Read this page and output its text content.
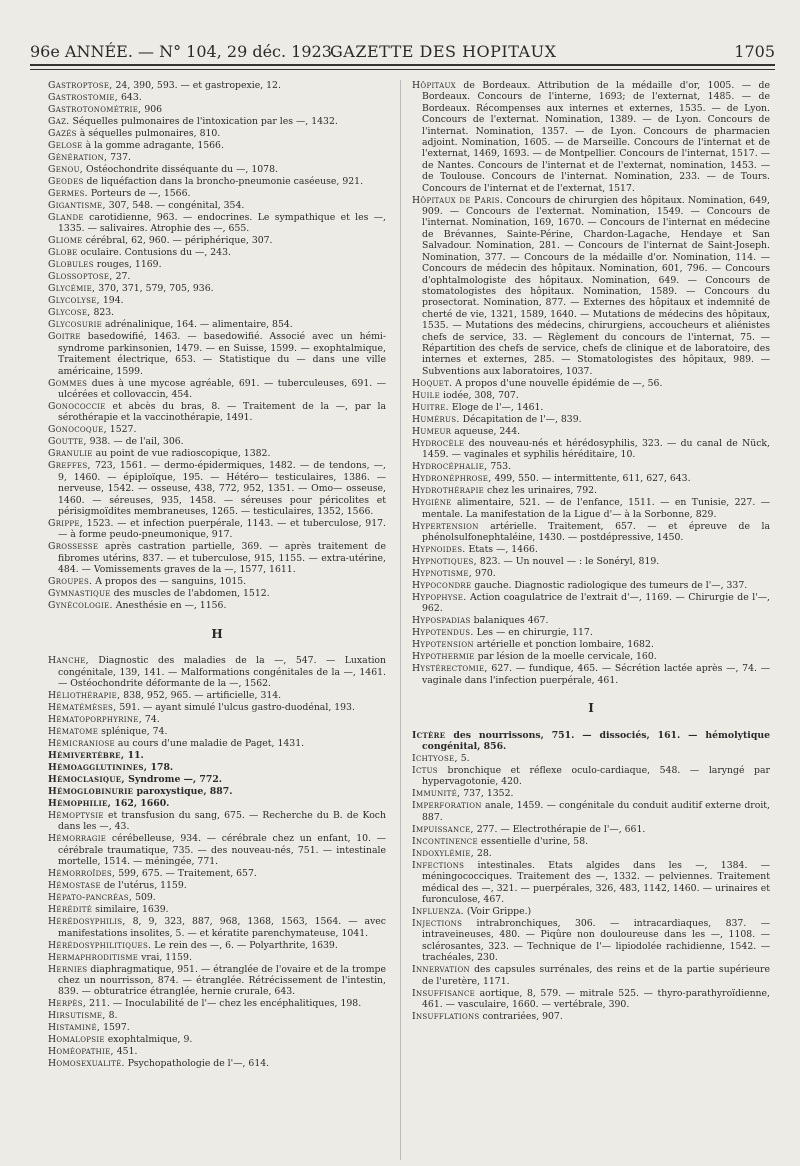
96e ANNÉE. — N° 104, 29 déc. 1923.
GAZETTE DES HOPITAUX	1705

Gastroptose, 24, 390, 593. — et gastropexie, 12.

Gastrostomie, 643.

Gastrotonométrie, 906

Gaz. Séquelles pulmonaires de l'intoxication par les —, 1432.

Gazés à séquelles pulmonaires, 810.

Gelose à la gomme adragante, 1566.

Génération, 737.

Genou, Ostéochondrite disséquante du —, 1078.

Geodes de liquéfaction dans la broncho-pneumonie caséeuse, 921.

Germes. Porteurs de —, 1566.

Gigantisme, 307, 548. — congénital, 354.

Glande carotidienne, 963. — endocrines. Le sympathique et les —, 1335. — salivaires. Atrophie des —, 655.

Gliome cérébral, 62, 960. — périphérique, 307.

Globe oculaire. Contusions du —, 243.

Globules rouges, 1169.

Glossoptose, 27.

Glycémie, 370, 371, 579, 705, 936.

Glycolyse, 194.

Glycose, 823.

Glycosurie adrénalinique, 164. — alimentaire, 854.

Goitre basedowifié, 1463. — basedowifié. Associé avec un hémi-syndrome parkinsonien, 1479. — en Suisse, 1599. — exophtalmique, Traitement électrique, 653. — Statistique du — dans une ville américaine, 1599.

Gommes dues à une mycose agréable, 691. — tuberculeuses, 691. — ulcérées et collovaccin, 454.

Gonococcie et abcès du bras, 8. — Traitement de la —, par la sérothérapie et la vaccinothérapie, 1491.

Gonocoque, 1527.

Goutte, 938. — de l'ail, 306.

Granulie au point de vue radioscopique, 1382.

Greffes, 723, 1561. — dermo-épidermiques, 1482. — de tendons, —, 9, 1460. — épiploïque, 195. — Hétéro— testiculaires, 1386. — nerveuse, 1542. — osseuse, 438, 772, 952, 1351. — Omo— osseuse, 1460. — séreuses, 935, 1458. — séreuses pour péricolites et périsigmoïdites membraneuses, 1265. — testiculaires, 1352, 1566.

Grippe, 1523. — et infection puerpérale, 1143. — et tuberculose, 917. — à forme peudo-pneumonique, 917.

Grossesse après castration partielle, 369. — après traitement de fibromes utérins, 837. — et tuberculose, 915, 1155. — extra-utérine, 484. — Vomissements graves de la —, 1577, 1611.

Groupes. A propos des — sanguins, 1015.

Gymnastique des muscles de l'abdomen, 1512.

Gynécologie. Anesthésie en —, 1156.

H

Hanche, Diagnostic des maladies de la —, 547. — Luxation congénitale, 139, 141. — Malformations congénitales de la —, 1461. — Ostéochondrite déformante de la —, 1562.

Héliothérapie, 838, 952, 965. — artificielle, 314.

Hématémèses, 591. — ayant simulé l'ulcus gastro-duodénal, 193.

Hématoporphyrine, 74.

Hématome splénique, 74.

Hémicraniose au cours d'une maladie de Paget, 1431.

Hémivertèbre, 11.

Hémoagglutinines, 178.

Hémoclasique, Syndrome —, 772.

Hémoglobinurie paroxystique, 887.

Hémophilie, 162, 1660.

Hémoptysie et transfusion du sang, 675. — Recherche du B. de Koch dans les —, 43.

Hémorragie cérébelleuse, 934. — cérébrale chez un enfant, 10. — cérébrale traumatique, 735. — des nouveau-nés, 751. — intestinale mortelle, 1514. — méningée, 771.

Hémorroïdes, 599, 675. — Traitement, 657.

Hémostase de l'utérus, 1159.

Hépato-pancréas, 509.

Hérédité similaire, 1639.

Hérédosyphilis, 8, 9, 323, 887, 968, 1368, 1563, 1564. — avec manifestations insolites, 5. — et kératite parenchymateuse, 1041.

Hérédosyphilitiques. Le rein des —, 6. — Polyarthrite, 1639.

Hermaphroditisme vrai, 1159.

Hernies diaphragmatique, 951. — étranglée de l'ovaire et de la trompe chez un nourrisson, 874. — étranglée. Rétrécissement de l'intestin, 839. — obturatrice étranglée, hernie crurale, 643.

Herpès, 211. — Inoculabilité de l'— chez les encéphalitiques, 198.

Hirsutisme, 8.

Histaminé, 1597.

Homalopsie exophtalmique, 9.

Homéopathie, 451.

Homosexualité. Psychopathologie de l'—, 614.

Hôpitaux de Bordeaux. Attribution de la médaille d'or, 1005. — de Bordeaux. Concours de l'interne, 1693; de l'externat, 1485. — de Bordeaux. Récompenses aux internes et externes, 1535. — de Lyon. Concours de l'externat. Nomination, 1389. — de Lyon. Concours de l'internat. Nomination, 1357. — de Lyon. Concours de pharmacien adjoint. Nomination, 1605. — de Marseille. Concours de l'internat et de l'externat, 1469, 1693. — de Montpellier. Concours de l'internat, 1517. — de Nantes. Concours de l'internat et de l'externat, nomination, 1453. — de Toulouse. Concours de l'internat. Nomination, 233. — de Tours. Concours de l'internat et de l'externat, 1517.

Hôpitaux de Paris. Concours de chirurgien des hôpitaux. Nomination, 649, 909. — Concours de l'externat. Nomination, 1549. — Concours de l'internat. Nomination, 169, 1670. — Concours de l'internat en médecine de Brévannes, Sainte-Périne, Chardon-Lagache, Hendaye et San Salvadour. Nomination, 281. — Concours de l'internat de Saint-Joseph. Nomination, 377. — Concours de la médaille d'or. Nomination, 114. — Concours de médecin des hôpitaux. Nomination, 601, 796. — Concours d'ophtalmologiste des hôpitaux. Nomination, 649. — Concours de stomatologistes des hôpitaux. Nomination, 1589. — Concours du prosectorat. Nomination, 877. — Externes des hôpitaux et indemnité de cherté de vie, 1321, 1589, 1640. — Mutations de médecins des hôpitaux, 1535. — Mutations des médecins, chirurgiens, accoucheurs et aliénistes chefs de service, 33. — Règlement du concours de l'internat, 75. — Répartition des chefs de service, chefs de clinique et de laboratoire, des internes et externes, 285. — Stomatologistes des hôpitaux, 989. — Subventions aux laboratoires, 1037.

Hoquet. A propos d'une nouvelle épidémie de —, 56.

Huile iodée, 308, 707.

Huitre. Eloge de l'—, 1461.

Humérus. Décapitation de l'—, 839.

Humeur aqueuse, 244.

Hydrocèle des nouveau-nés et hérédosyphilis, 323. — du canal de Nück, 1459. — vaginales et syphilis héréditaire, 10.

Hydrocéphalie, 753.

Hydronéphrose, 499, 550. — intermittente, 611, 627, 643.

Hydrothérapie chez les urinaires, 792.

Hygiène alimentaire, 521. — de l'enfance, 1511. — en Tunisie, 227. — mentale. La manifestation de la Ligue d'— à la Sorbonne, 829.

Hypertension artérielle. Traitement, 657. — et épreuve de la phénolsulfonephtaléine, 1430. — postdépressive, 1450.

Hypnoides. Etats —, 1466.

Hypnotiques, 823. — Un nouvel — : le Sonéryl, 819.

Hypnotisme, 970.

Hypocondre gauche. Diagnostic radiologique des tumeurs de l'—, 337.

Hypophyse. Action coagulatrice de l'extrait d'—, 1169. — Chirurgie de l'—, 962.

Hypospadias balaniques 467.

Hypotendus. Les — en chirurgie, 117.

Hypotension artérielle et ponction lombaire, 1682.

Hypothermie par lésion de la moelle cervicale, 160.

Hystérectomie, 627. — fundique, 465. — Sécrétion lactée après —, 74. — vaginale dans l'infection puerpérale, 461.

I

Ictère des nourrissons, 751. — dissociés, 161. — hémolytique congénital, 856.

Ichtyose, 5.

Ictus bronchique et réflexe oculo-cardiaque, 548. — laryngé par hypervagotonie, 420.

Immunité, 737, 1352.

Imperforation anale, 1459. — congénitale du conduit auditif externe droit, 887.

Impuissance, 277. — Electrothérapie de l'—, 661.

Incontinence essentielle d'urine, 58.

Indoxylémie, 28.

Infections intestinales. Etats algides dans les —, 1384. — méningococciques. Traitement des —, 1332. — pelviennes. Traitement médical des —, 321. — puerpérales, 326, 483, 1142, 1460. — urinaires et furonculose, 467.

Influenza. (Voir Grippe.)

Injections intrabronchiques, 306. — intracardiaques, 837. — intraveineuses, 480. — Piqûre non douloureuse dans les —, 1108. — sclérosantes, 323. — Technique de l'— lipiodolée rachidienne, 1542. — trachéales, 230.

Innervation des capsules surrénales, des reins et de la partie supérieure de l'uretère, 1171.

Insuffisance aortique, 8, 579. — mitrale 525. — thyro-parathyroïdienne, 461. — vasculaire, 1660. — vertébrale, 390.

Insufflations contrariées, 907.
